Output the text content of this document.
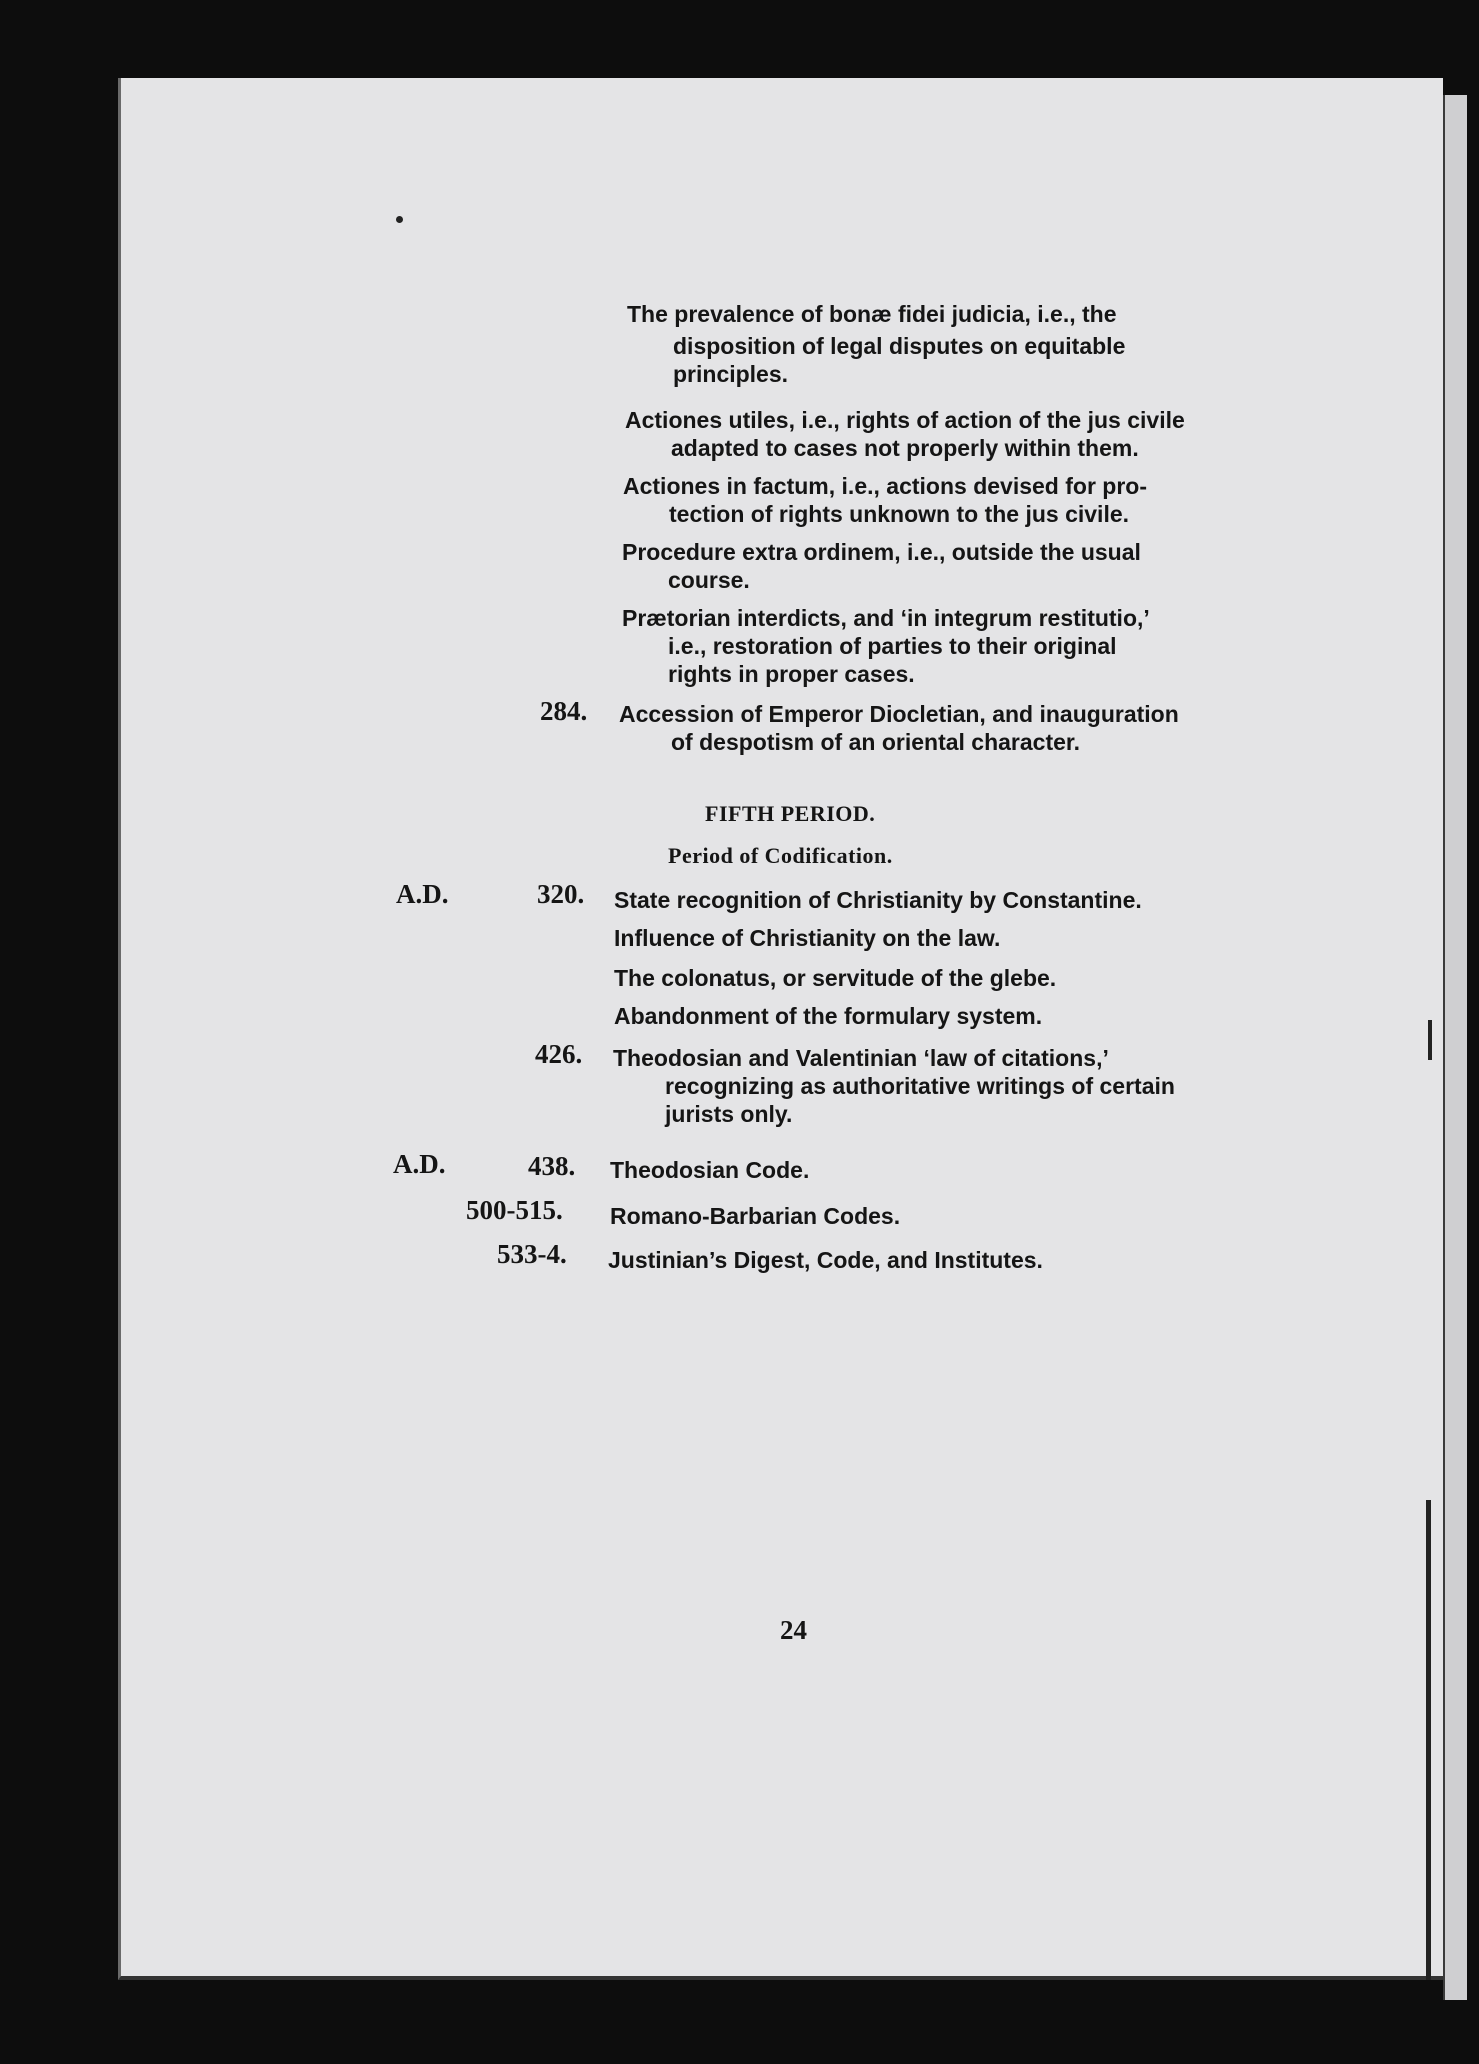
The prevalence of bonæ fidei judicia, i.e., the
disposition of legal disputes on equitable
principles.
Actiones utiles, i.e., rights of action of the jus civile
adapted to cases not properly within them.
Actiones in factum, i.e., actions devised for pro-
tection of rights unknown to the jus civile.
Procedure extra ordinem, i.e., outside the usual
course.
Prætorian interdicts, and ‘in integrum restitutio,’
i.e., restoration of parties to their original
rights in proper cases.
284. Accession of Emperor Diocletian, and inauguration
of despotism of an oriental character.
FIFTH PERIOD.
Period of Codification.
A.D.	320. State recognition of Christianity by Constantine.
Influence of Christianity on the law.
The colonatus, or servitude of the glebe.
Abandonment of the formulary system.
426. Theodosian and Valentinian ‘law of citations,’
recognizing as authoritative writings of certain
jurists only.
A.D.	438. Theodosian Code.
500-515. Romano-Barbarian Codes.
533-4. Justinian’s Digest, Code, and Institutes.
24
